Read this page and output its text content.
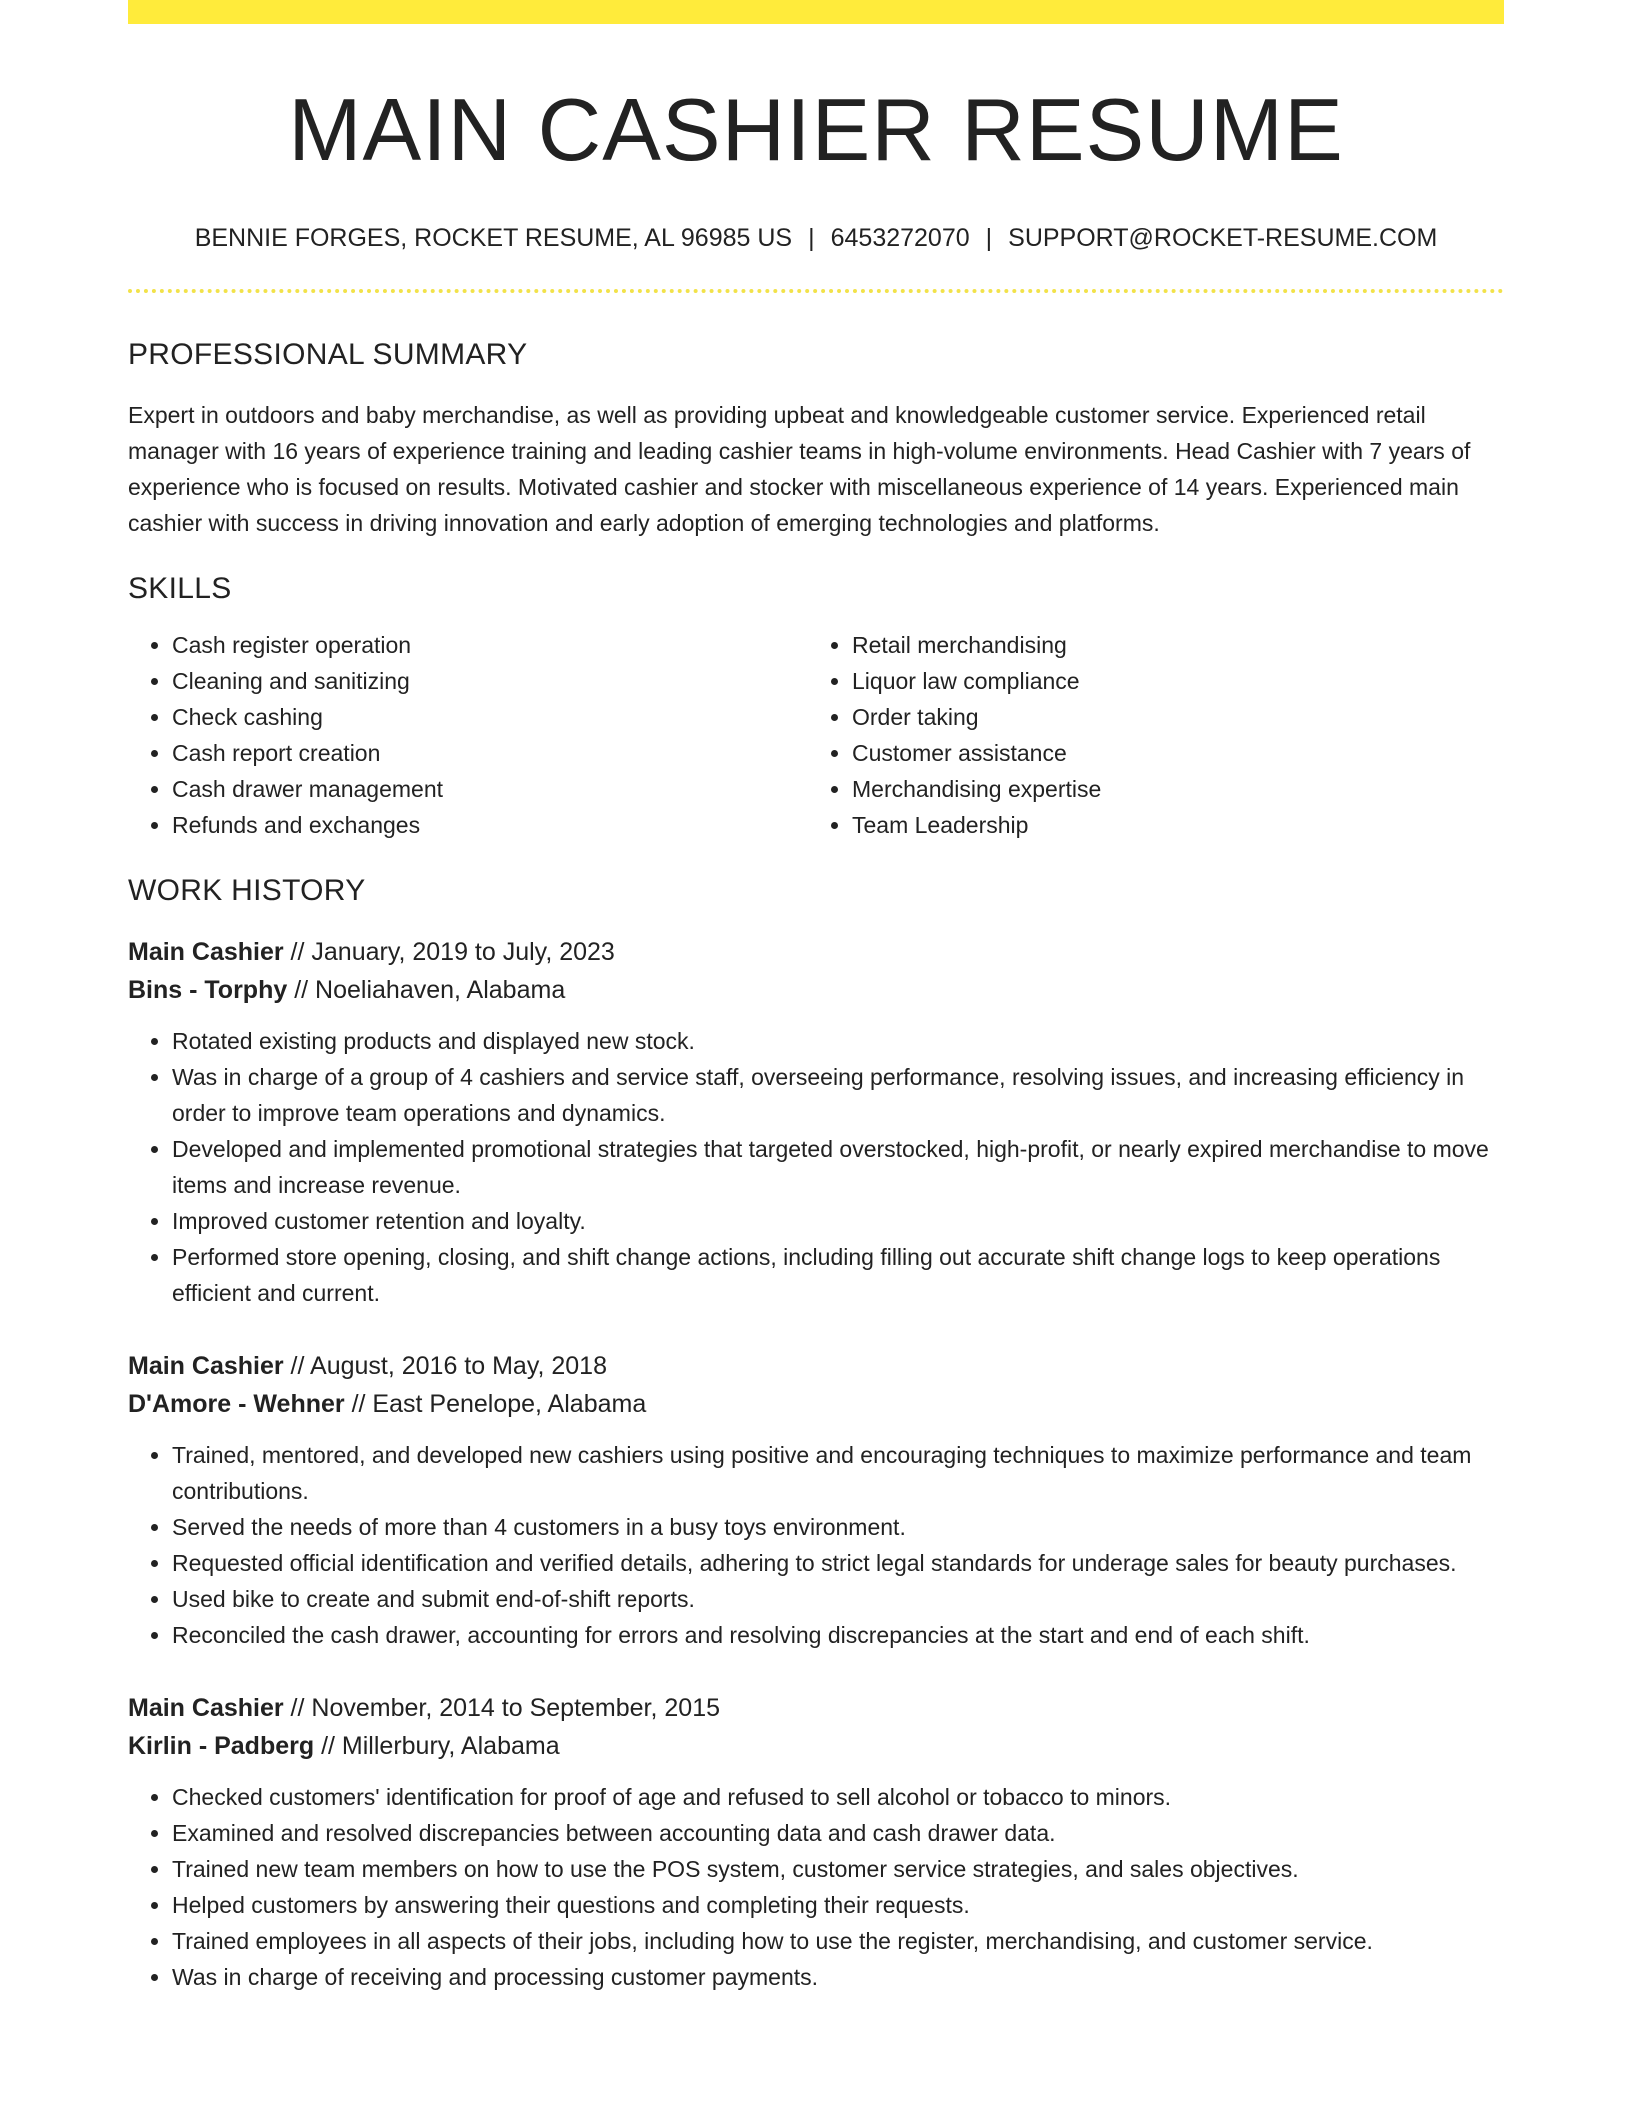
MAIN CASHIER RESUME
BENNIE FORGES, ROCKET RESUME, AL 96985 US | 6453272070 | SUPPORT@ROCKET-RESUME.COM
PROFESSIONAL SUMMARY

Expert in outdoors and baby merchandise, as well as providing upbeat and knowledgeable customer service. Experienced retail manager with 16 years of experience training and leading cashier teams in high-volume environments. Head Cashier with 7 years of experience who is focused on results. Motivated cashier and stocker with miscellaneous experience of 14 years. Experienced main cashier with success in driving innovation and early adoption of emerging technologies and platforms.

SKILLS
• Cash register operation
• Cleaning and sanitizing
• Check cashing
• Cash report creation
• Cash drawer management
• Refunds and exchanges
• Retail merchandising
• Liquor law compliance
• Order taking
• Customer assistance
• Merchandising expertise
• Team Leadership
WORK HISTORY
Main Cashier // January, 2019 to July, 2023
Bins - Torphy // Noeliahaven, Alabama
• Rotated existing products and displayed new stock.
• Was in charge of a group of 4 cashiers and service staff, overseeing performance, resolving issues, and increasing efficiency in order to improve team operations and dynamics.
• Developed and implemented promotional strategies that targeted overstocked, high-profit, or nearly expired merchandise to move items and increase revenue.
• Improved customer retention and loyalty.
• Performed store opening, closing, and shift change actions, including filling out accurate shift change logs to keep operations efficient and current.
Main Cashier // August, 2016 to May, 2018
D'Amore - Wehner // East Penelope, Alabama
• Trained, mentored, and developed new cashiers using positive and encouraging techniques to maximize performance and team contributions.
• Served the needs of more than 4 customers in a busy toys environment.
• Requested official identification and verified details, adhering to strict legal standards for underage sales for beauty purchases.
• Used bike to create and submit end-of-shift reports.
• Reconciled the cash drawer, accounting for errors and resolving discrepancies at the start and end of each shift.
Main Cashier // November, 2014 to September, 2015
Kirlin - Padberg // Millerbury, Alabama
• Checked customers' identification for proof of age and refused to sell alcohol or tobacco to minors.
• Examined and resolved discrepancies between accounting data and cash drawer data.
• Trained new team members on how to use the POS system, customer service strategies, and sales objectives.
• Helped customers by answering their questions and completing their requests.
• Trained employees in all aspects of their jobs, including how to use the register, merchandising, and customer service.
• Was in charge of receiving and processing customer payments.
